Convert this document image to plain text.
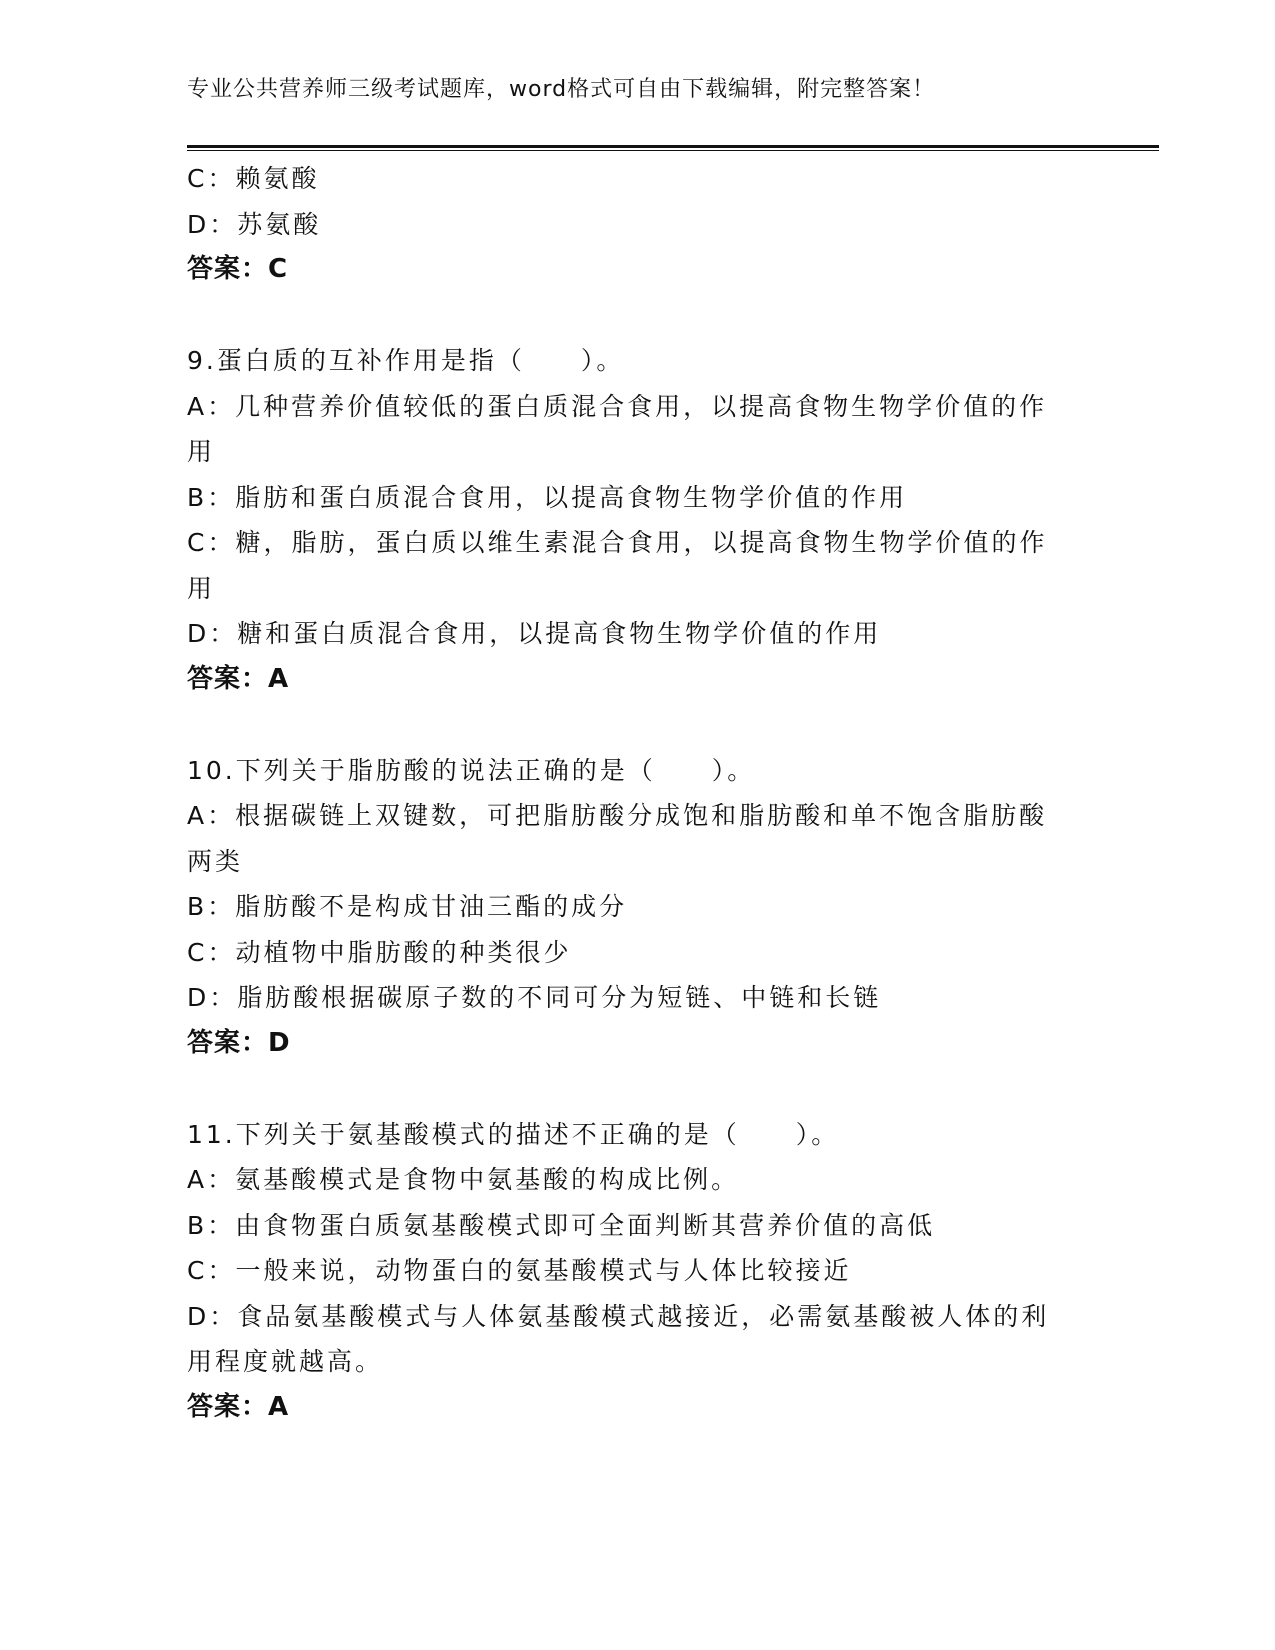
专业公共营养师三级考试题库，word格式可自由下载编辑，附完整答案！
C：赖氨酸
D：苏氨酸
答案：C
9.蛋白质的互补作用是指（　　）。
A：几种营养价值较低的蛋白质混合食用，以提高食物生物学价值的作
用
B：脂肪和蛋白质混合食用，以提高食物生物学价值的作用
C：糖，脂肪，蛋白质以维生素混合食用，以提高食物生物学价值的作
用
D：糖和蛋白质混合食用，以提高食物生物学价值的作用
答案：A
10.下列关于脂肪酸的说法正确的是（　　）。
A：根据碳链上双键数，可把脂肪酸分成饱和脂肪酸和单不饱含脂肪酸
两类
B：脂肪酸不是构成甘油三酯的成分
C：动植物中脂肪酸的种类很少
D：脂肪酸根据碳原子数的不同可分为短链、中链和长链
答案：D
11.下列关于氨基酸模式的描述不正确的是（　　）。
A：氨基酸模式是食物中氨基酸的构成比例。
B：由食物蛋白质氨基酸模式即可全面判断其营养价值的高低
C：一般来说，动物蛋白的氨基酸模式与人体比较接近
D：食品氨基酸模式与人体氨基酸模式越接近，必需氨基酸被人体的利
用程度就越高。
答案：A
